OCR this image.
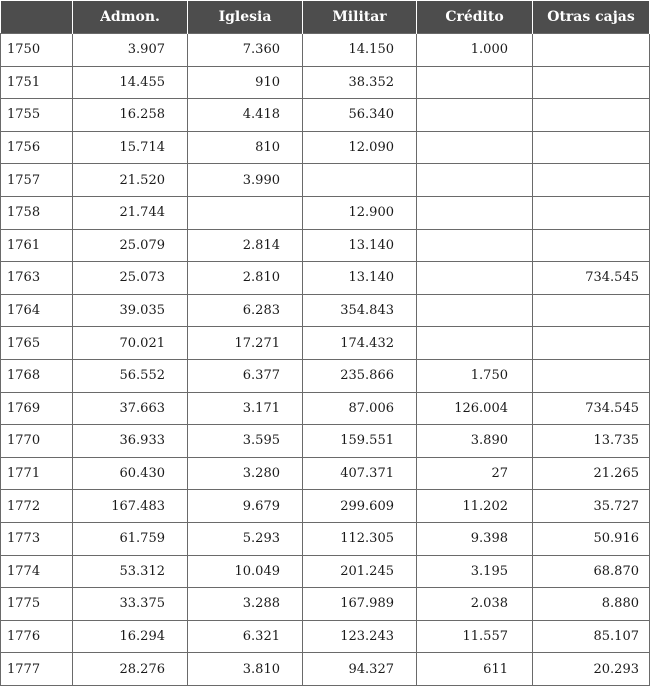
	Admon.	Iglesia	Militar	Crédito	Otras cajas
1750	3.907	7.360	14.150	1.000	
1751	14.455	910	38.352		
1755	16.258	4.418	56.340		
1756	15.714	810	12.090		
1757	21.520	3.990			
1758	21.744		12.900		
1761	25.079	2.814	13.140		
1763	25.073	2.810	13.140		734.545
1764	39.035	6.283	354.843		
1765	70.021	17.271	174.432		
1768	56.552	6.377	235.866	1.750	
1769	37.663	3.171	87.006	126.004	734.545
1770	36.933	3.595	159.551	3.890	13.735
1771	60.430	3.280	407.371	27	21.265
1772	167.483	9.679	299.609	11.202	35.727
1773	61.759	5.293	112.305	9.398	50.916
1774	53.312	10.049	201.245	3.195	68.870
1775	33.375	3.288	167.989	2.038	8.880
1776	16.294	6.321	123.243	11.557	85.107
1777	28.276	3.810	94.327	611	20.293
